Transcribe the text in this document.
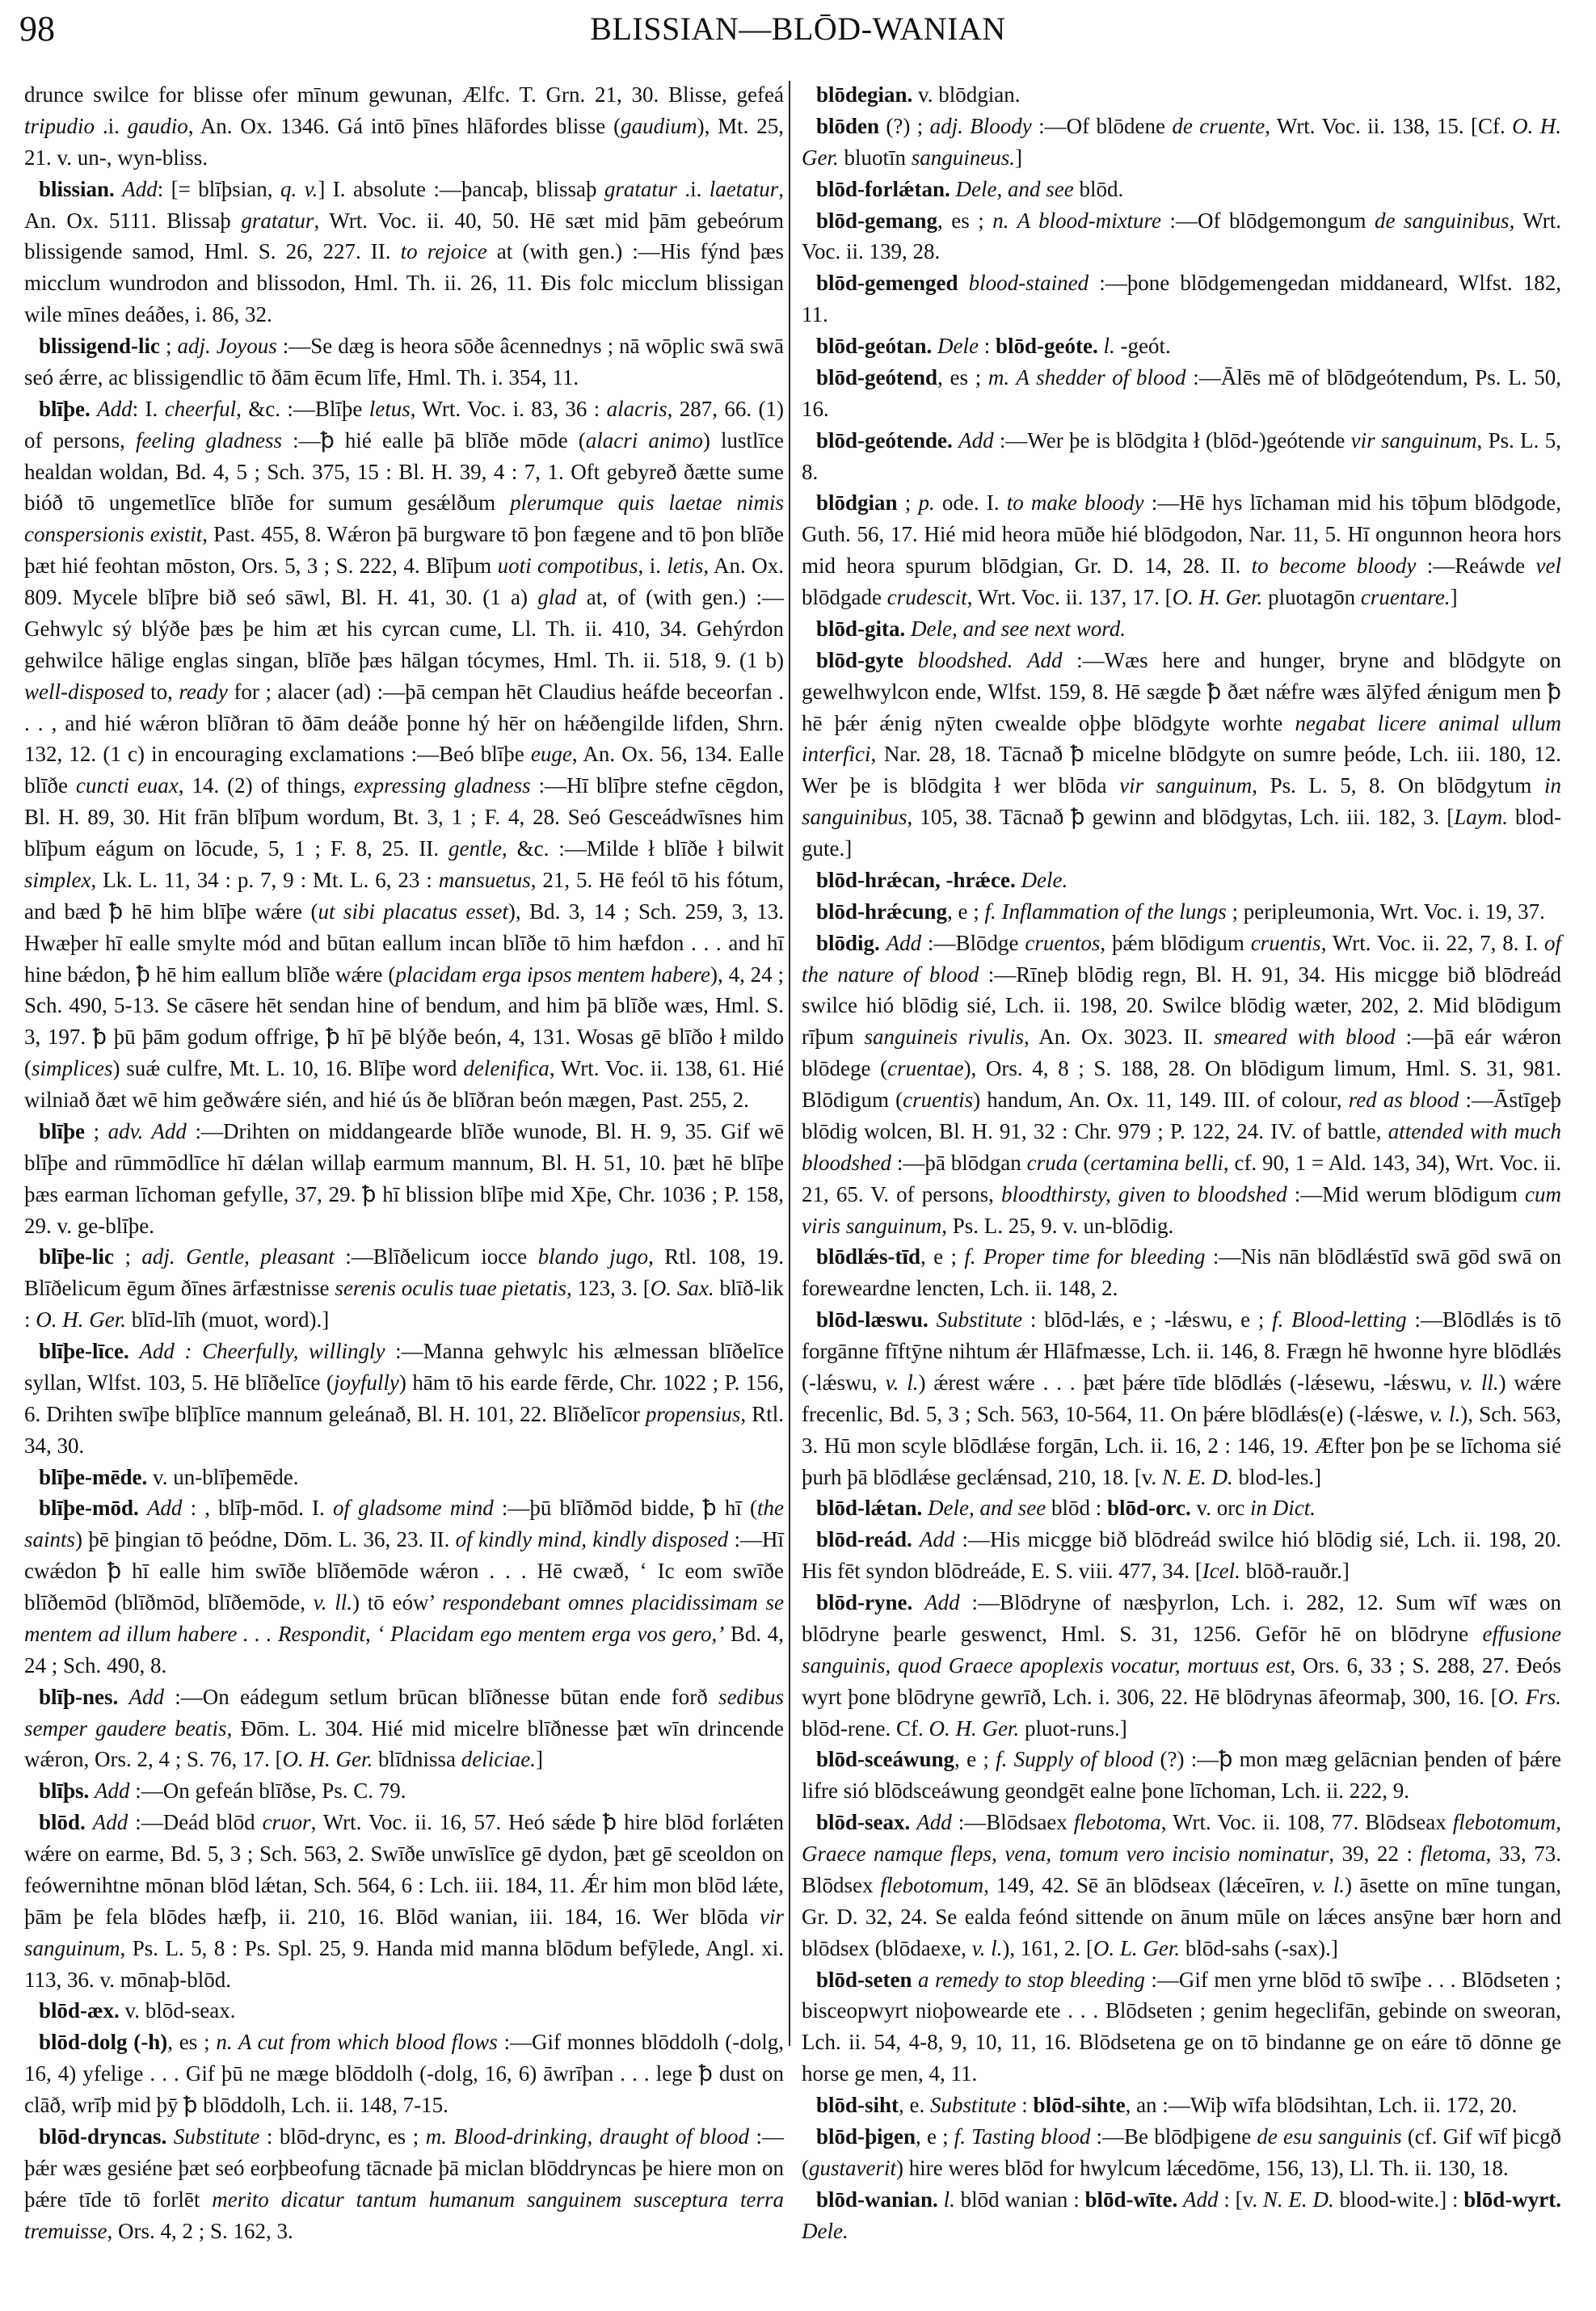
98	BLISSIAN—BLŌD-WANIAN

drunce swilce for blisse ofer mīnum gewunan, Ælfc. T. Grn. 21, 30. Blisse, gefeá tripudio .i. gaudio, An. Ox. 1346. Gá intō þīnes hlāfordes blisse (gaudium), Mt. 25, 21. v. un-, wyn-bliss.

blissian. Add: [= blīþsian, q. v.] I. absolute :—þancaþ, blissaþ gratatur .i. laetatur, An. Ox. 5111. Blissaþ gratatur, Wrt. Voc. ii. 40, 50. Hē sæt mid þām gebeórum blissigende samod, Hml. S. 26, 227. II. to rejoice at (with gen.) :—His fýnd þæs micclum wundrodon and blissodon, Hml. Th. ii. 26, 11. Ðis folc micclum blissigan wile mīnes deáðes, i. 86, 32.

blissigend-lic ; adj. Joyous :—Se dæg is heora sōðe âcennednys ; nā wōplic swā swā seó ǽrre, ac blissigendlic tō ðām ēcum līfe, Hml. Th. i. 354, 11.

blīþe. Add: I. cheerful, &c. :—Blīþe letus, Wrt. Voc. i. 83, 36 : alacris, 287, 66. (1) of persons, feeling gladness :—ꝥ hié ealle þā blīðe mōde (alacri animo) lustlīce healdan woldan, Bd. 4, 5 ; Sch. 375, 15 : Bl. H. 39, 4 : 7, 1. Oft gebyreð ðætte sume bióð tō ungemetlīce blīðe for sumum gesǽlðum plerumque quis laetae nimis conspersionis existit, Past. 455, 8. Wǽron þā burgware tō þon fægene and tō þon blīðe þæt hié feohtan mōston, Ors. 5, 3 ; S. 222, 4. Blīþum uoti compotibus, i. letis, An. Ox. 809. Mycele blīþre bið seó sāwl, Bl. H. 41, 30. (1 a) glad at, of (with gen.) :—Gehwylc sý blýðe þæs þe him æt his cyrcan cume, Ll. Th. ii. 410, 34. Gehýrdon gehwilce hālige englas singan, blīðe þæs hālgan tócymes, Hml. Th. ii. 518, 9. (1 b) well-disposed to, ready for ; alacer (ad) :—þā cempan hēt Claudius heáfde beceorfan . . . , and hié wǽron blīðran tō ðām deáðe þonne hý hēr on hǽðengilde lifden, Shrn. 132, 12. (1 c) in encouraging exclamations :—Beó blīþe euge, An. Ox. 56, 134. Ealle blīðe cuncti euax, 14. (2) of things, expressing gladness :—Hī blīþre stefne cēgdon, Bl. H. 89, 30. Hit frān blīþum wordum, Bt. 3, 1 ; F. 4, 28. Seó Gesceádwīsnes him blīþum eágum on lōcude, 5, 1 ; F. 8, 25. II. gentle, &c. :—Milde ł blīðe ł bilwit simplex, Lk. L. 11, 34 : p. 7, 9 : Mt. L. 6, 23 : mansuetus, 21, 5. Hē feól tō his fótum, and bæd ꝥ hē him blīþe wǽre (ut sibi placatus esset), Bd. 3, 14 ; Sch. 259, 3, 13. Hwæþer hī ealle smylte mód and būtan eallum incan blīðe tō him hæfdon . . . and hī hine bǽdon, ꝥ hē him eallum blīðe wǽre (placidam erga ipsos mentem habere), 4, 24 ; Sch. 490, 5-13. Se cāsere hēt sendan hine of bendum, and him þā blīðe wæs, Hml. S. 3, 197. ꝥ þū þām godum offrige, ꝥ hī þē blýðe beón, 4, 131. Wosas gē blīðo ł mildo (simplices) suǽ culfre, Mt. L. 10, 16. Blīþe word delenifica, Wrt. Voc. ii. 138, 61. Hié wilniað ðæt wē him geðwǽre sién, and hié ús ðe blīðran beón mægen, Past. 255, 2.

blīþe ; adv. Add :—Drihten on middangearde blīðe wunode, Bl. H. 9, 35. Gif wē blīþe and rūmmōdlīce hī dǽlan willaþ earmum mannum, Bl. H. 51, 10. þæt hē blīþe þæs earman līchoman gefylle, 37, 29. ꝥ hī blission blīþe mid Xp̄e, Chr. 1036 ; P. 158, 29. v. ge-blīþe.

blīþe-lic ; adj. Gentle, pleasant :—Blīðelicum iocce blando jugo, Rtl. 108, 19. Blīðelicum ēgum ðīnes ārfæstnisse serenis oculis tuae pietatis, 123, 3. [O. Sax. blīð-lik : O. H. Ger. blīd-līh (muot, word).]

blīþe-līce. Add : Cheerfully, willingly :—Manna gehwylc his ælmessan blīðelīce syllan, Wlfst. 103, 5. Hē blīðelīce (joyfully) hām tō his earde fērde, Chr. 1022 ; P. 156, 6. Drihten swīþe blīþlīce mannum geleánað, Bl. H. 101, 22. Blīðelīcor propensius, Rtl. 34, 30.

blīþe-mēde. v. un-blīþemēde.

blīþe-mōd. Add : , blīþ-mōd. I. of gladsome mind :—þū blīðmōd bidde, ꝥ hī (the saints) þē þingian tō þeódne, Dōm. L. 36, 23. II. of kindly mind, kindly disposed :—Hī cwǽdon ꝥ hī ealle him swīðe blīðemōde wǽron . . . Hē cwæð, ‘ Ic eom swīðe blīðemōd (blīðmōd, blīðemōde, v. ll.) tō eów’ respondebant omnes placidissimam se mentem ad illum habere . . . Respondit, ‘ Placidam ego mentem erga vos gero,’ Bd. 4, 24 ; Sch. 490, 8.

blīþ-nes. Add :—On eádegum setlum brūcan blīðnesse būtan ende forð sedibus semper gaudere beatis, Ðōm. L. 304. Hié mid micelre blīðnesse þæt wīn drincende wǽron, Ors. 2, 4 ; S. 76, 17. [O. H. Ger. blīdnissa deliciae.]

blīþs. Add :—On gefeán blīðse, Ps. C. 79.

blōd. Add :—Deád blōd cruor, Wrt. Voc. ii. 16, 57. Heó sǽde ꝥ hire blōd forlǽten wǽre on earme, Bd. 5, 3 ; Sch. 563, 2. Swīðe unwīslīce gē dydon, þæt gē sceoldon on feówernihtne mōnan blōd lǽtan, Sch. 564, 6 : Lch. iii. 184, 11. Ǽr him mon blōd lǽte, þām þe fela blōdes hæfþ, ii. 210, 16. Blōd wanian, iii. 184, 16. Wer blōda vir sanguinum, Ps. L. 5, 8 : Ps. Spl. 25, 9. Handa mid manna blōdum befȳlede, Angl. xi. 113, 36. v. mōnaþ-blōd.

blōd-æx. v. blōd-seax.

blōd-dolg (-h), es ; n. A cut from which blood flows :—Gif monnes blōddolh (-dolg, 16, 4) yfelige . . . Gif þū ne mæge blōddolh (-dolg, 16, 6) āwrīþan . . . lege ꝥ dust on clāð, wrīþ mid þȳ ꝥ blōddolh, Lch. ii. 148, 7-15.

blōd-dryncas. Substitute : blōd-drync, es ; m. Blood-drinking, draught of blood :—þǽr wæs gesiéne þæt seó eorþbeofung tācnade þā miclan blōddryncas þe hiere mon on þǽre tīde tō forlēt merito dicatur tantum humanum sanguinem susceptura terra tremuisse, Ors. 4, 2 ; S. 162, 3.

blōdegian. v. blōdgian.

blōden (?) ; adj. Bloody :—Of blōdene de cruente, Wrt. Voc. ii. 138, 15. [Cf. O. H. Ger. bluotīn sanguineus.]

blōd-forlǽtan. Dele, and see blōd.

blōd-gemang, es ; n. A blood-mixture :—Of blōdgemongum de sanguinibus, Wrt. Voc. ii. 139, 28.

blōd-gemenged blood-stained :—þone blōdgemengedan middaneard, Wlfst. 182, 11.

blōd-geótan. Dele : blōd-geóte. l. -geót.

blōd-geótend, es ; m. A shedder of blood :—Ālēs mē of blōdgeótendum, Ps. L. 50, 16.

blōd-geótende. Add :—Wer þe is blōdgita ł (blōd-)geótende vir sanguinum, Ps. L. 5, 8.

blōdgian ; p. ode. I. to make bloody :—Hē hys līchaman mid his tōþum blōdgode, Guth. 56, 17. Hié mid heora mūðe hié blōdgodon, Nar. 11, 5. Hī ongunnon heora hors mid heora spurum blōdgian, Gr. D. 14, 28. II. to become bloody :—Reáwde vel blōdgade crudescit, Wrt. Voc. ii. 137, 17. [O. H. Ger. pluotagōn cruentare.]

blōd-gita. Dele, and see next word.

blōd-gyte bloodshed. Add :—Wæs here and hunger, bryne and blōdgyte on gewelhwylcon ende, Wlfst. 159, 8. Hē sægde ꝥ ðæt nǽfre wæs ālȳfed ǽnigum men ꝥ hē þǽr ǽnig nȳten cwealde oþþe blōdgyte worhte negabat licere animal ullum interfici, Nar. 28, 18. Tācnað ꝥ micelne blōdgyte on sumre þeóde, Lch. iii. 180, 12. Wer þe is blōdgita ł wer blōda vir sanguinum, Ps. L. 5, 8. On blōdgytum in sanguinibus, 105, 38. Tācnað ꝥ gewinn and blōdgytas, Lch. iii. 182, 3. [Laym. blod-gute.]

blōd-hrǽcan, -hrǽce. Dele.

blōd-hrǽcung, e ; f. Inflammation of the lungs ; peripleumonia, Wrt. Voc. i. 19, 37.

blōdig. Add :—Blōdge cruentos, þǽm blōdigum cruentis, Wrt. Voc. ii. 22, 7, 8. I. of the nature of blood :—Rīneþ blōdig regn, Bl. H. 91, 34. His micgge bið blōdreád swilce hió blōdig sié, Lch. ii. 198, 20. Swilce blōdig wæter, 202, 2. Mid blōdigum rīþum sanguineis rivulis, An. Ox. 3023. II. smeared with blood :—þā eár wǽron blōdege (cruentae), Ors. 4, 8 ; S. 188, 28. On blōdigum limum, Hml. S. 31, 981. Blōdigum (cruentis) handum, An. Ox. 11, 149. III. of colour, red as blood :—Āstīgeþ blōdig wolcen, Bl. H. 91, 32 : Chr. 979 ; P. 122, 24. IV. of battle, attended with much bloodshed :—þā blōdgan cruda (certamina belli, cf. 90, 1 = Ald. 143, 34), Wrt. Voc. ii. 21, 65. V. of persons, bloodthirsty, given to bloodshed :—Mid werum blōdigum cum viris sanguinum, Ps. L. 25, 9. v. un-blōdig.

blōdlǽs-tīd, e ; f. Proper time for bleeding :—Nis nān blōdlǽstīd swā gōd swā on foreweardne lencten, Lch. ii. 148, 2.

blōd-læswu. Substitute : blōd-lǽs, e ; -lǽswu, e ; f. Blood-letting :—Blōdlǽs is tō forgānne fīftȳne nihtum ǽr Hlāfmæsse, Lch. ii. 146, 8. Frægn hē hwonne hyre blōdlǽs (-lǽswu, v. l.) ǽrest wǽre . . . þæt þǽre tīde blōdlǽs (-lǽsewu, -lǽswu, v. ll.) wǽre frecenlic, Bd. 5, 3 ; Sch. 563, 10-564, 11. On þǽre blōdlǽs(e) (-lǽswe, v. l.), Sch. 563, 3. Hū mon scyle blōdlǽse forgān, Lch. ii. 16, 2 : 146, 19. Æfter þon þe se līchoma sié þurh þā blōdlǽse geclǽnsad, 210, 18. [v. N. E. D. blod-les.]

blōd-lǽtan. Dele, and see blōd : blōd-orc. v. orc in Dict.

blōd-reád. Add :—His micgge bið blōdreád swilce hió blōdig sié, Lch. ii. 198, 20. His fēt syndon blōdreáde, E. S. viii. 477, 34. [Icel. blōð-rauðr.]

blōd-ryne. Add :—Blōdryne of næsþyrlon, Lch. i. 282, 12. Sum wīf wæs on blōdryne þearle geswenct, Hml. S. 31, 1256. Gefōr hē on blōdryne effusione sanguinis, quod Graece apoplexis vocatur, mortuus est, Ors. 6, 33 ; S. 288, 27. Ðeós wyrt þone blōdryne gewrīð, Lch. i. 306, 22. Hē blōdrynas āfeormaþ, 300, 16. [O. Frs. blōd-rene. Cf. O. H. Ger. pluot-runs.]

blōd-sceáwung, e ; f. Supply of blood (?) :—ꝥ mon mæg gelācnian þenden of þǽre lifre sió blōdsceáwung geondgēt ealne þone līchoman, Lch. ii. 222, 9.

blōd-seax. Add :—Blōdsaex flebotoma, Wrt. Voc. ii. 108, 77. Blōdseax flebotomum, Graece namque fleps, vena, tomum vero incisio nominatur, 39, 22 : fletoma, 33, 73. Blōdsex flebotomum, 149, 42. Sē ān blōdseax (lǽceīren, v. l.) āsette on mīne tungan, Gr. D. 32, 24. Se ealda feónd sittende on ānum mūle on lǽces ansȳne bær horn and blōdsex (blōdaexe, v. l.), 161, 2. [O. L. Ger. blōd-sahs (-sax).]

blōd-seten a remedy to stop bleeding :—Gif men yrne blōd tō swīþe . . . Blōdseten ; bisceopwyrt nioþowearde ete . . . Blōdseten ; genim hegeclifān, gebinde on sweoran, Lch. ii. 54, 4-8, 9, 10, 11, 16. Blōdsetena ge on tō bindanne ge on eáre tō dōnne ge horse ge men, 4, 11.

blōd-siht, e. Substitute : blōd-sihte, an :—Wiþ wīfa blōdsihtan, Lch. ii. 172, 20.

blōd-þigen, e ; f. Tasting blood :—Be blōdþigene de esu sanguinis (cf. Gif wīf þicgð (gustaverit) hire weres blōd for hwylcum lǽcedōme, 156, 13), Ll. Th. ii. 130, 18.

blōd-wanian. l. blōd wanian : blōd-wīte. Add : [v. N. E. D. blood-wite.] : blōd-wyrt. Dele.
